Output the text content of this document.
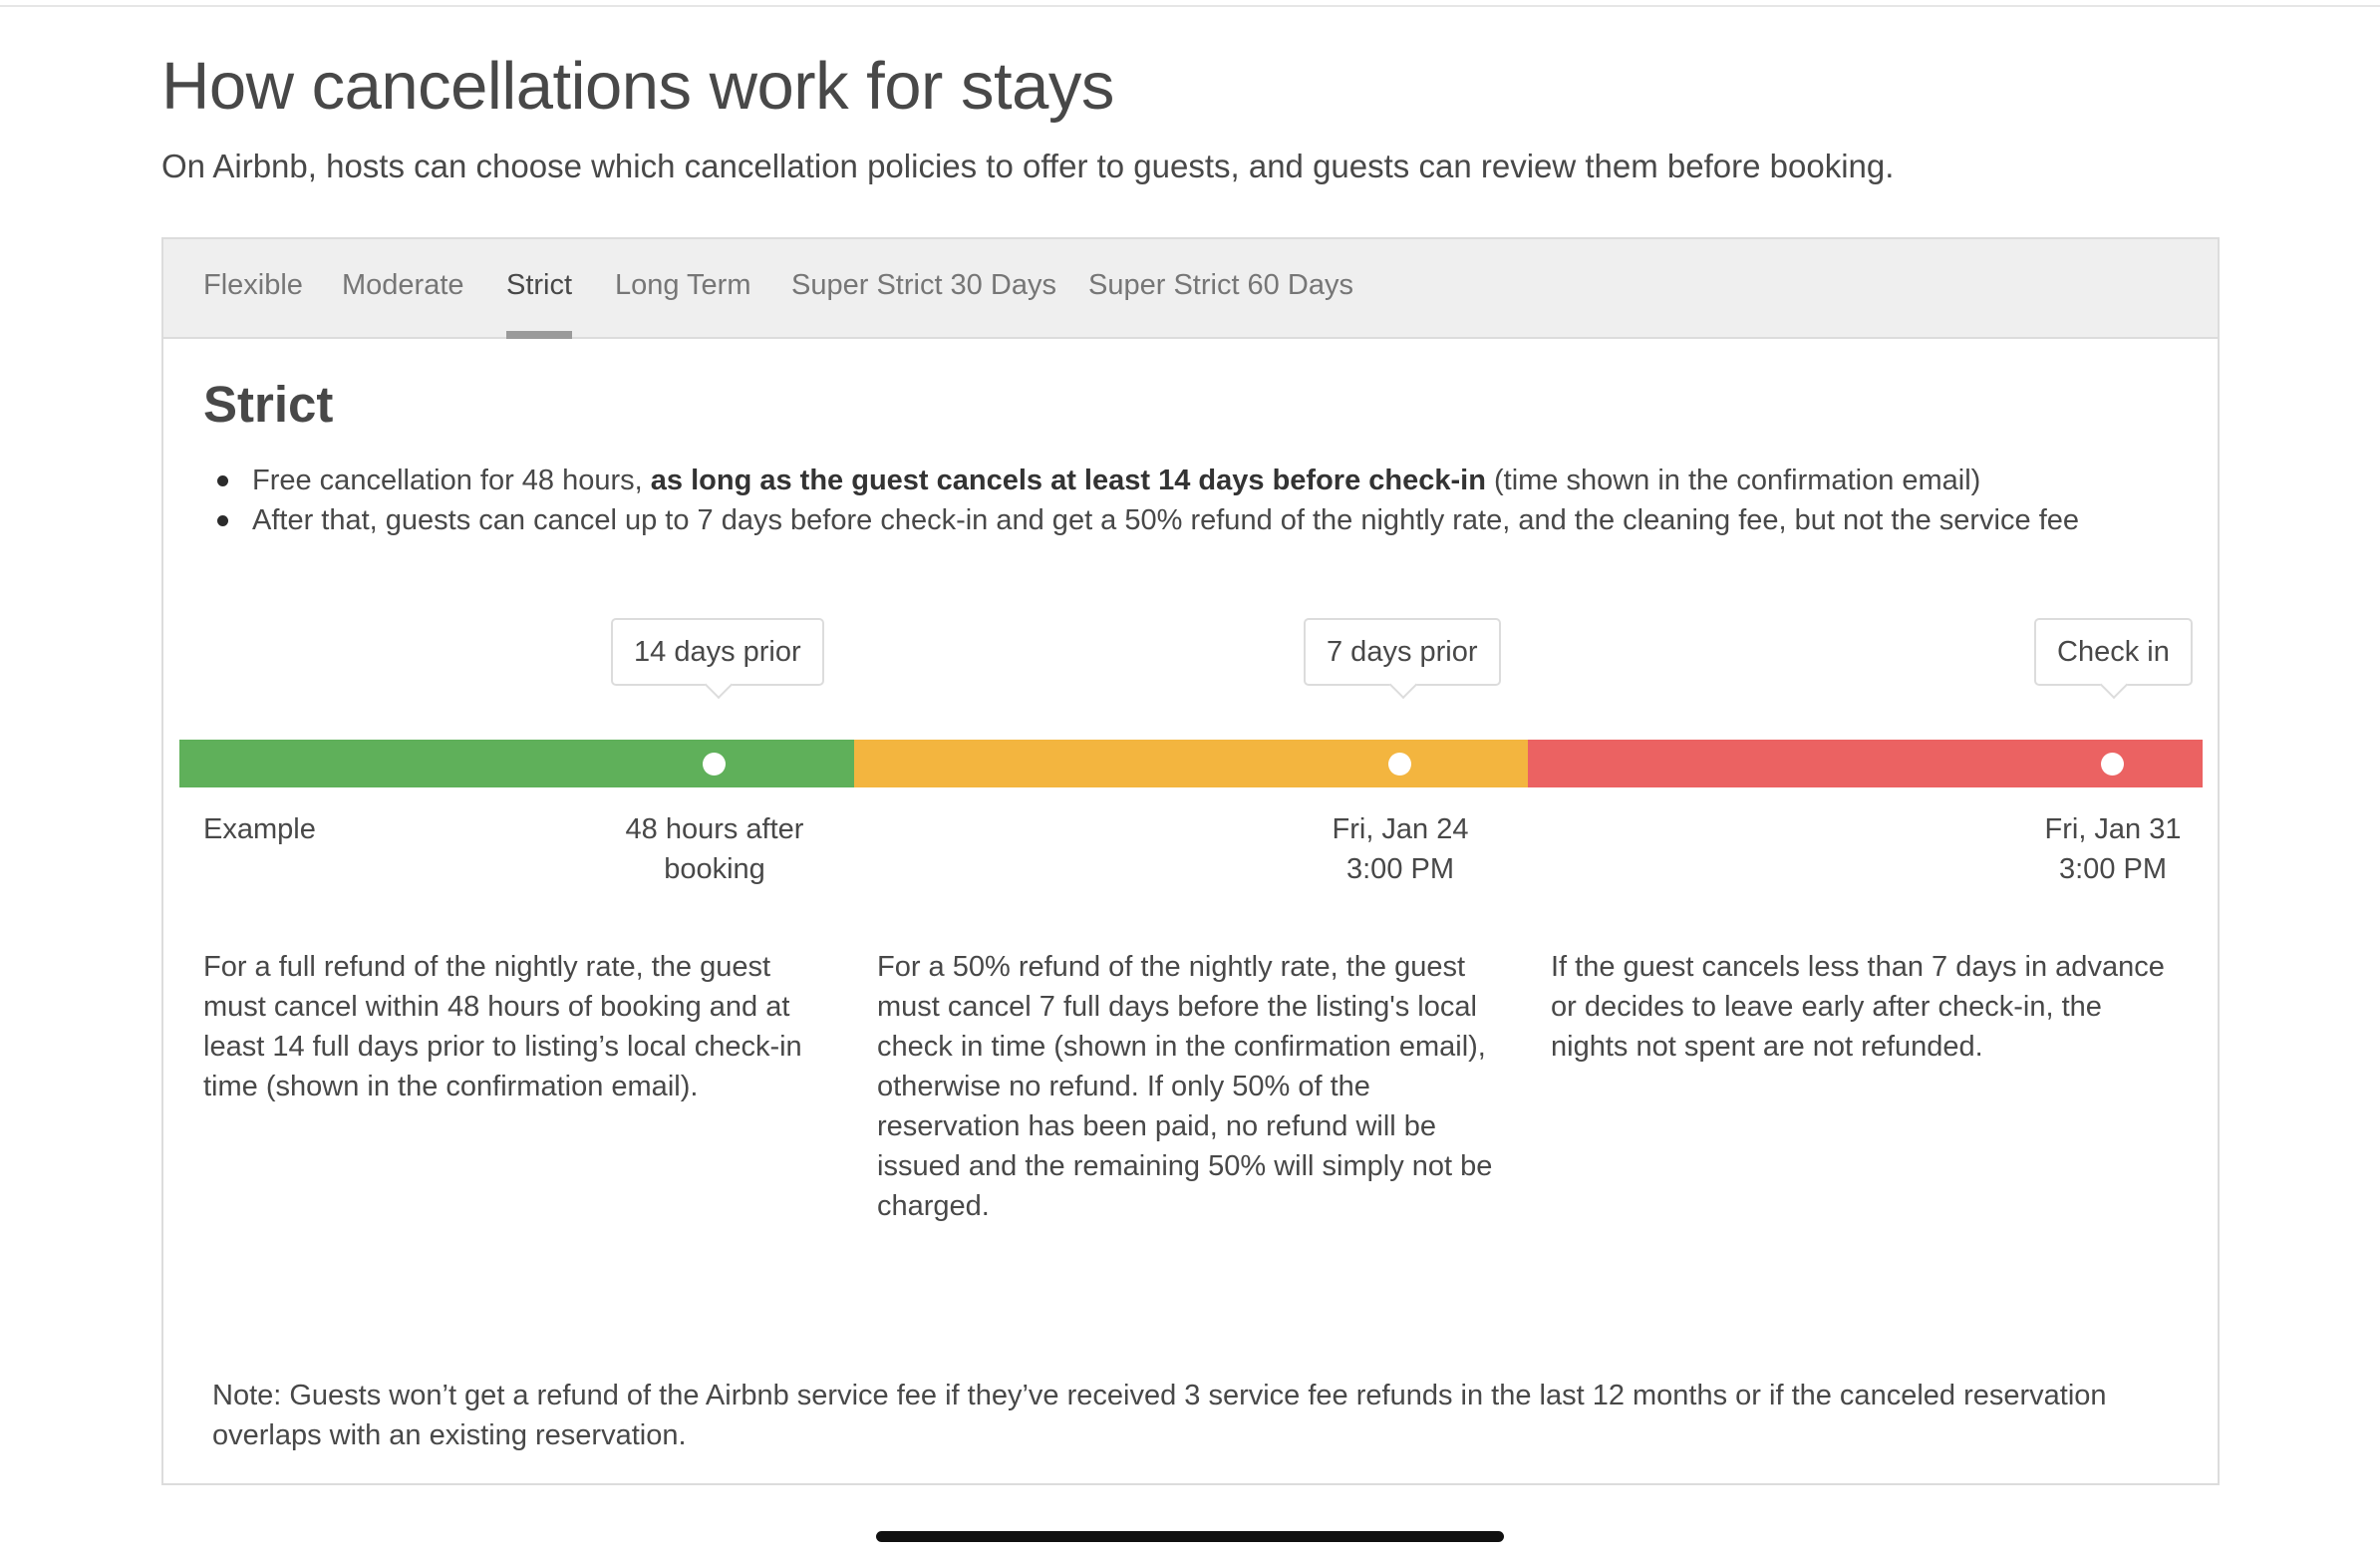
How cancellations work for stays

On Airbnb, hosts can choose which cancellation policies to offer to guests, and guests can review them before booking.

Flexible Moderate Strict Long Term Super Strict 30 Days Super Strict 60 Days
Strict
Free cancellation for 48 hours, as long as the guest cancels at least 14 days before check-in (time shown in the confirmation email)
After that, guests can cancel up to 7 days before check-in and get a 50% refund of the nightly rate, and the cleaning fee, but not the service fee
14 days prior	7 days prior	Check in
Example	48 hours after
booking
Fri, Jan 24
3:00 PM
Fri, Jan 31
3:00 PM

For a full refund of the nightly rate, the guest must cancel within 48 hours of booking and at least 14 full days prior to listing’s local check-in time (shown in the confirmation email).

For a 50% refund of the nightly rate, the guest must cancel 7 full days before the listing's local check in time (shown in the confirmation email), otherwise no refund. If only 50% of the reservation has been paid, no refund will be issued and the remaining 50% will simply not be charged.

If the guest cancels less than 7 days in advance or decides to leave early after check-in, the nights not spent are not refunded.

Note: Guests won’t get a refund of the Airbnb service fee if they’ve received 3 service fee refunds in the last 12 months or if the canceled reservation overlaps with an existing reservation.
